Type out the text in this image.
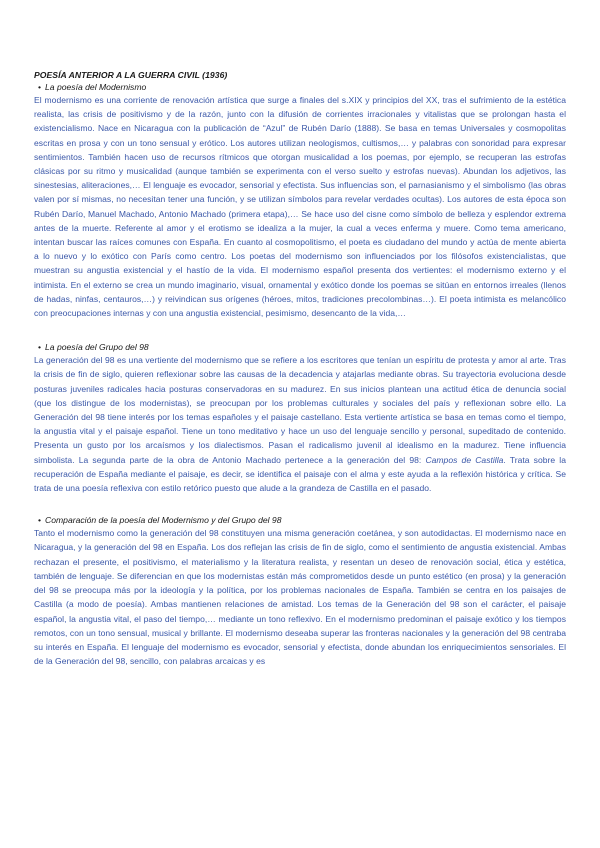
POESÍA ANTERIOR A LA GUERRA CIVIL (1936)
• La poesía del Modernismo

El modernismo es una corriente de renovación artística que surge a finales del s.XIX y principios del XX, tras el sufrimiento de la estética realista, las crisis de positivismo y de la razón, junto con la difusión de corrientes irracionales y vitalistas que se prolongan hasta el existencialismo. Nace en Nicaragua con la publicación de “Azul” de Rubén Darío (1888). Se basa en temas Universales y cosmopolitas escritas en prosa y con un tono sensual y erótico. Los autores utilizan neologismos, cultismos,… y palabras con sonoridad para expresar sentimientos. También hacen uso de recursos rítmicos que otorgan musicalidad a los poemas, por ejemplo, se recuperan las estrofas clásicas por su ritmo y musicalidad (aunque también se experimenta con el verso suelto y estrofas nuevas). Abundan los adjetivos, las sinestesias, aliteraciones,… El lenguaje es evocador, sensorial y efectista. Sus influencias son, el parnasianismo y el simbolismo (las obras valen por sí mismas, no necesitan tener una función, y se utilizan símbolos para revelar verdades ocultas). Los autores de esta época son Rubén Darío, Manuel Machado, Antonio Machado (primera etapa),… Se hace uso del cisne como símbolo de belleza y esplendor extrema antes de la muerte. Referente al amor y el erotismo se idealiza a la mujer, la cual a veces enferma y muere. Como tema americano, intentan buscar las raíces comunes con España. En cuanto al cosmopolitismo, el poeta es ciudadano del mundo y actúa de mente abierta a lo nuevo y lo exótico con París como centro. Los poetas del modernismo son influenciados por los filósofos existencialistas, que muestran su angustia existencial y el hastío de la vida. El modernismo español presenta dos vertientes: el modernismo externo y el intimista. En el externo se crea un mundo imaginario, visual, ornamental y exótico donde los poemas se sitúan en entornos irreales (llenos de hadas, ninfas, centauros,…) y reivindican sus orígenes (héroes, mitos, tradiciones precolombinas…). El poeta intimista es melancólico con preocupaciones internas y con una angustia existencial, pesimismo, desencanto de la vida,…

• La poesía del Grupo del 98

La generación del 98 es una vertiente del modernismo que se refiere a los escritores que tenían un espíritu de protesta y amor al arte. Tras la crisis de fin de siglo, quieren reflexionar sobre las causas de la decadencia y atajarlas mediante obras. Su trayectoria evoluciona desde posturas juveniles radicales hacia posturas conservadoras en su madurez. En sus inicios plantean una actitud ética de denuncia social (que los distingue de los modernistas), se preocupan por los problemas culturales y sociales del país y reflexionan sobre ello. La Generación del 98 tiene interés por los temas españoles y el paisaje castellano. Esta vertiente artística se basa en temas como el tiempo, la angustia vital y el paisaje español. Tiene un tono meditativo y hace un uso del lenguaje sencillo y personal, supeditado de contenido. Presenta un gusto por los arcaísmos y los dialectismos. Pasan el radicalismo juvenil al idealismo en la madurez. Tiene influencia simbolista. La segunda parte de la obra de Antonio Machado pertenece a la generación del 98: Campos de Castilla. Trata sobre la recuperación de España mediante el paisaje, es decir, se identifica el paisaje con el alma y este ayuda a la reflexión histórica y crítica. Se trata de una poesía reflexiva con estilo retórico puesto que alude a la grandeza de Castilla en el pasado.

• Comparación de la poesía del Modernismo y del Grupo del 98

Tanto el modernismo como la generación del 98 constituyen una misma generación coetánea, y son autodidactas. El modernismo nace en Nicaragua, y la generación del 98 en España. Los dos reflejan las crisis de fin de siglo, como el sentimiento de angustia existencial. Ambas rechazan el presente, el positivismo, el materialismo y la literatura realista, y resentan un deseo de renovación social, ética y estética, también de lenguaje. Se diferencian en que los modernistas están más comprometidos desde un punto estético (en prosa) y la generación del 98 se preocupa más por la ideología y la política, por los problemas nacionales de España. También se centra en los paisajes de Castilla (a modo de poesía). Ambas mantienen relaciones de amistad. Los temas de la Generación del 98 son el carácter, el paisaje español, la angustia vital, el paso del tiempo,… mediante un tono reflexivo. En el modernismo predominan el paisaje exótico y los tiempos remotos, con un tono sensual, musical y brillante. El modernismo deseaba superar las fronteras nacionales y la generación del 98 centraba su interés en España. El lenguaje del modernismo es evocador, sensorial y efectista, donde abundan los enriquecimientos sensoriales. El de la Generación del 98, sencillo, con palabras arcaicas y es
